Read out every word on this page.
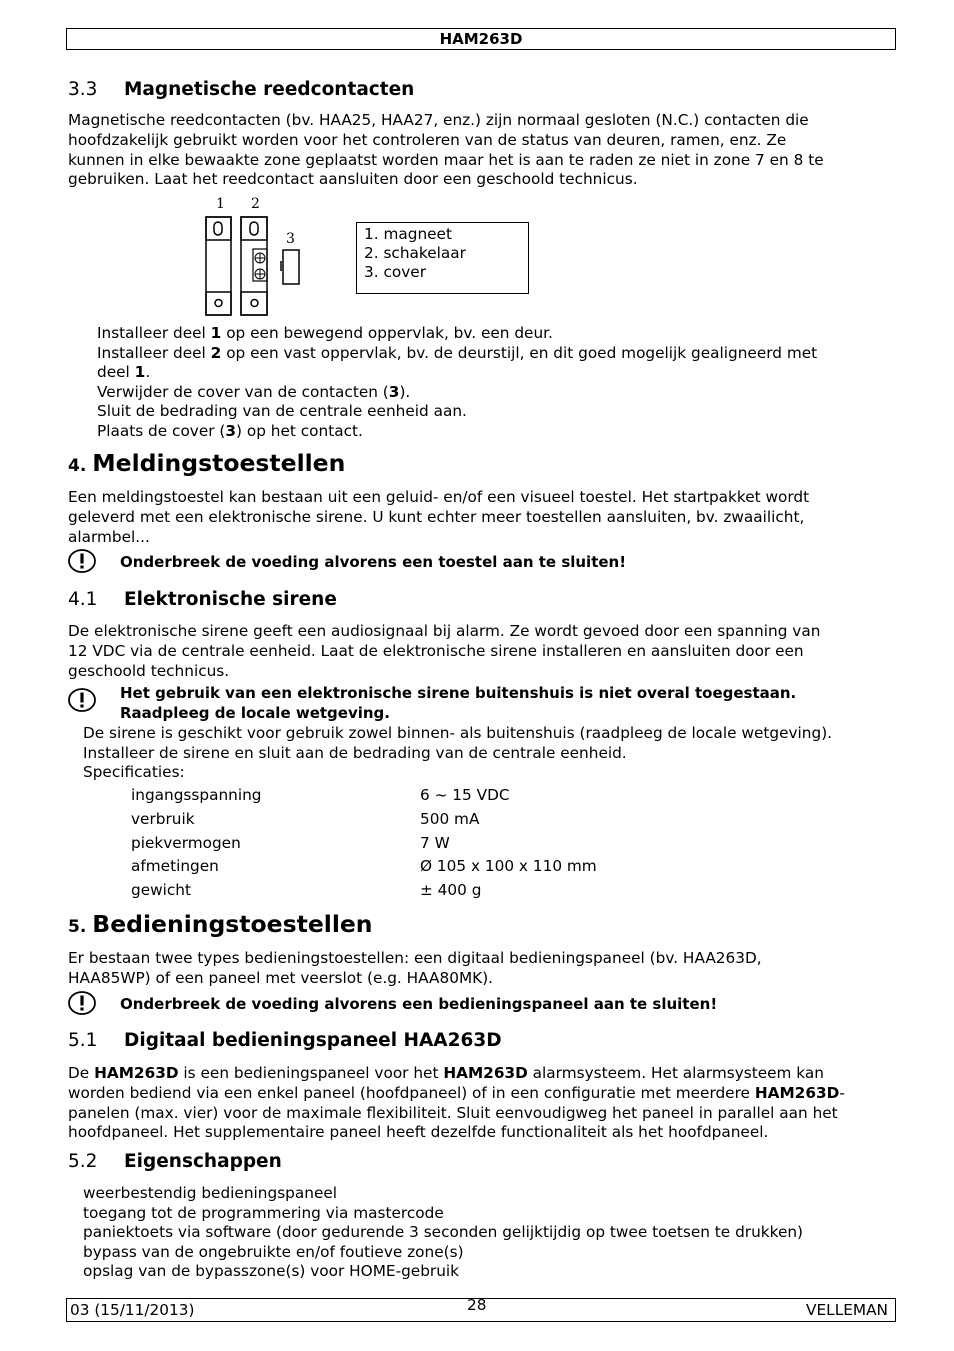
HAM263D
3.3 Magnetische reedcontacten
Magnetische reedcontacten (bv. HAA25, HAA27, enz.) zijn normaal gesloten (N.C.) contacten die
hoofdzakelijk gebruikt worden voor het controleren van de status van deuren, ramen, enz. Ze
kunnen in elke bewaakte zone geplaatst worden maar het is aan te raden ze niet in zone 7 en 8 te
gebruiken. Laat het reedcontact aansluiten door een geschoold technicus.
1 2
3	1. magneet
2. schakelaar
3. cover
Installeer deel 1 op een bewegend oppervlak, bv. een deur.
Installeer deel 2 op een vast oppervlak, bv. de deurstijl, en dit goed mogelijk gealigneerd met
deel 1.
Verwijder de cover van de contacten (3).
Sluit de bedrading van de centrale eenheid aan.
Plaats de cover (3) op het contact.
4. Meldingstoestellen
Een meldingstoestel kan bestaan uit een geluid- en/of een visueel toestel. Het startpakket wordt
geleverd met een elektronische sirene. U kunt echter meer toestellen aansluiten, bv. zwaailicht,
alarmbel...
Onderbreek de voeding alvorens een toestel aan te sluiten!
4.1 Elektronische sirene
De elektronische sirene geeft een audiosignaal bij alarm. Ze wordt gevoed door een spanning van
12 VDC via de centrale eenheid. Laat de elektronische sirene installeren en aansluiten door een
geschoold technicus.
Het gebruik van een elektronische sirene buitenshuis is niet overal toegestaan.
Raadpleeg de locale wetgeving.
De sirene is geschikt voor gebruik zowel binnen- als buitenshuis (raadpleeg de locale wetgeving).
Installeer de sirene en sluit aan de bedrading van de centrale eenheid.
Specificaties:
ingangsspanning	6 ~ 15 VDC
verbruik	500 mA
piekvermogen	7 W
afmetingen	Ø 105 x 100 x 110 mm
gewicht	± 400 g
5. Bedieningstoestellen
Er bestaan twee types bedieningstoestellen: een digitaal bedieningspaneel (bv. HAA263D,
HAA85WP) of een paneel met veerslot (e.g. HAA80MK).
Onderbreek de voeding alvorens een bedieningspaneel aan te sluiten!
5.1 Digitaal bedieningspaneel HAA263D
De HAM263D is een bedieningspaneel voor het HAM263D alarmsysteem. Het alarmsysteem kan
worden bediend via een enkel paneel (hoofdpaneel) of in een configuratie met meerdere HAM263D-
panelen (max. vier) voor de maximale flexibiliteit. Sluit eenvoudigweg het paneel in parallel aan het
hoofdpaneel. Het supplementaire paneel heeft dezelfde functionaliteit als het hoofdpaneel.
5.2 Eigenschappen
weerbestendig bedieningspaneel
toegang tot de programmering via mastercode
paniektoets via software (door gedurende 3 seconden gelijktijdig op twee toetsen te drukken)
bypass van de ongebruikte en/of foutieve zone(s)
opslag van de bypasszone(s) voor HOME-gebruik
03 (15/11/2013)	28	VELLEMAN
